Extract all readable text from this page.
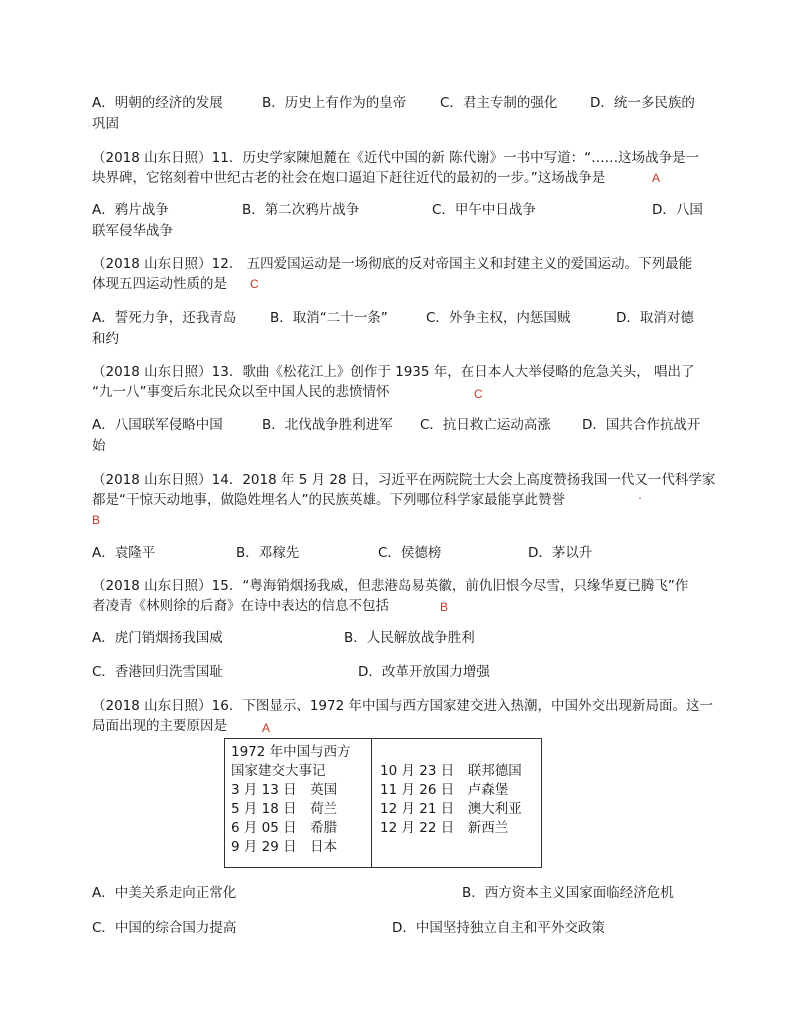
A．明朝的经济的发展	B．历史上有作为的皇帝 C．君主专制的强化 D．统一多民族的
巩固
（2018 山东日照）11．历史学家陳旭麓在《近代中国的新 陈代谢》一书中写道：“……这场战争是一
块界碑，它铭刻着中世纪古老的社会在炮口逼迫下赶往近代的最初的一步。”这场战争是	A
A．鸦片战争	B．第二次鸦片战争	C．甲午中日战争	D．八国
联军侵华战争
（2018 山东日照）12． 五四爱国运动是一场彻底的反对帝国主义和封建主义的爱国运动。下列最能
体现五四运动性质的是 C
A．誓死力争，还我青岛	B．取消“二十一条”	C．外争主权，内惩国贼	D．取消对德
和约
（2018 山东日照）13．歌曲《松花江上》创作于 1935 年，在日本人大举侵略的危急关头， 唱出了
“九一八”事变后东北民众以至中国人民的悲愤情怀	C
A．八国联军侵略中国	B．北伐战争胜利进军 C．抗日救亡运动高涨 D．国共合作抗战开
始
（2018 山东日照）14．2018 年 5 月 28 日，习近平在两院院士大会上高度赞扬我国一代又一代科学家
都是“干惊天动地事，做隐姓埋名人”的民族英雄。下列哪位科学家最能享此赞誉
B
A．袁隆平	B．邓稼先	C．侯德榜	D．茅以升
（2018 山东日照）15．“粤海销烟扬我威，但悲港岛易英徽，前仇旧恨今尽雪，只缘华夏已腾飞”作
者凌青《林则徐的后裔》在诗中表达的信息不包括	B
A．虎门销烟扬我国威	B．人民解放战争胜利
C．香港回归洗雪国耻	D．改革开放国力增强
（2018 山东日照）16．下图显示、1972 年中国与西方国家建交进入热潮，中国外交出现新局面。这一
局面出现的主要原因是	A
1972 年中国与西方
国家建交大事记
3 月 13 日　英国
5 月 18 日　荷兰
6 月 05 日　希腊
9 月 29 日　日本

10 月 23 日　联邦德国
11 月 26 日　卢森堡
12 月 21 日　澳大利亚
12 月 22 日　新西兰
A．中美关系走向正常化	B．西方资本主义国家面临经济危机
C．中国的综合国力提高	D．中国坚持独立自主和平外交政策
